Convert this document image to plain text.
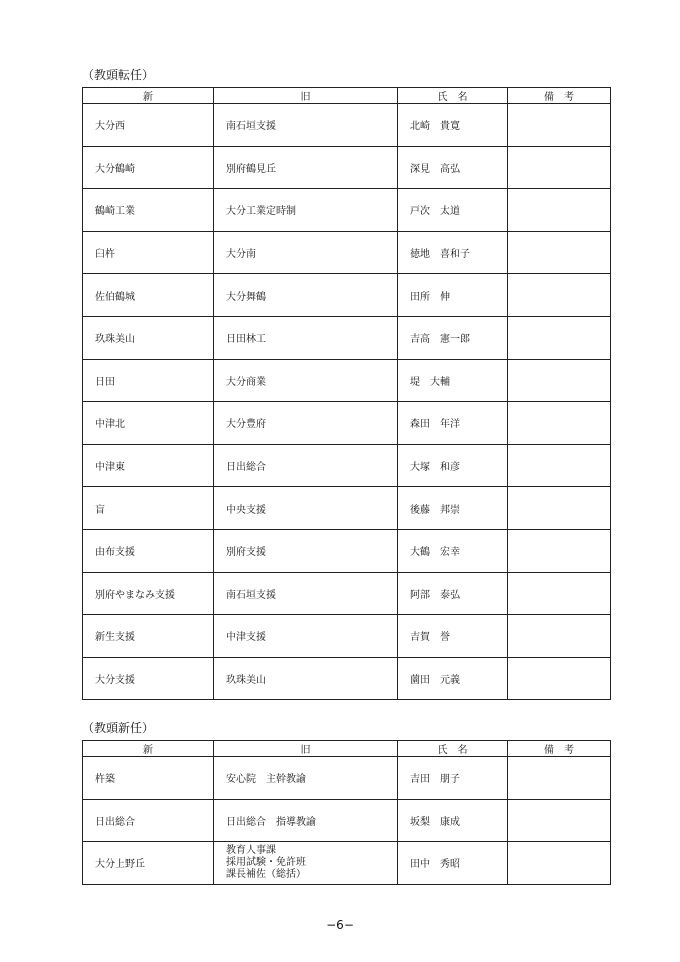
（教頭転任）
新	旧	氏　名	備　考
大分西	南石垣支援	北崎　貴寛	
大分鶴崎	別府鶴見丘	深見　高弘	
鶴崎工業	大分工業定時制	戸次　太道	
臼杵	大分南	徳地　喜和子	
佐伯鶴城	大分舞鶴	田所　伸	
玖珠美山	日田林工	吉高　憲一郎	
日田	大分商業	堤　大輔	
中津北	大分豊府	森田　年洋	
中津東	日出総合	大塚　和彦	
盲	中央支援	後藤　邦崇	
由布支援	別府支援	大鶴　宏幸	
別府やまなみ支援	南石垣支援	阿部　泰弘	
新生支援	中津支援	吉賀　誉	
大分支援	玖珠美山	薗田　元義	
（教頭新任）
新	旧	氏　名	備　考
杵築	安心院　主幹教諭	吉田　朋子	
日出総合	日出総合　指導教諭	坂梨　康成	
大分上野丘	教育人事課
採用試験・免許班
課長補佐（総括）	田中　秀昭	
−6−
